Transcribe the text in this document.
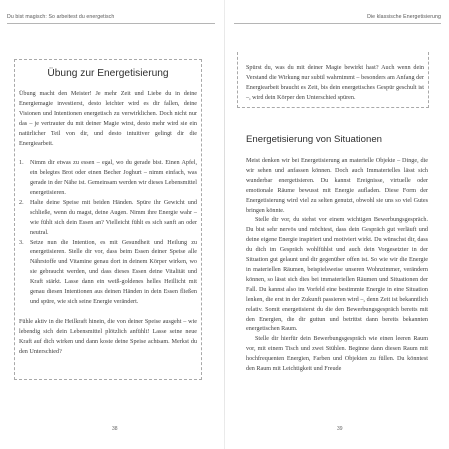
Du bist magisch: So arbeitest du energetisch
Übung zur Energetisierung

Übung macht den Meister! Je mehr Zeit und Liebe du in deine Energiemagie investierst, desto leichter wird es dir fallen, deine Visionen und Intentionen energetisch zu verwirklichen. Doch nicht nur das – je vertrauter du mit deiner Magie wirst, desto mehr wird sie ein natürlicher Teil von dir, und desto intuitiver gelingt dir die Energiearbeit.

1. Nimm dir etwas zu essen – egal, wo du gerade bist. Einen Apfel, ein belegtes Brot oder einen Becher Joghurt – nimm einfach, was gerade in der Nähe ist. Gemeinsam werden wir dieses Lebensmittel energetisieren.
2. Halte deine Speise mit beiden Händen. Spüre ihr Gewicht und schließe, wenn du magst, deine Augen. Nimm ihre Energie wahr – wie fühlt sich dein Essen an? Vielleicht fühlt es sich sanft an oder neutral.
3. Setze nun die Intention, es mit Gesundheit und Heilung zu energetisieren. Stelle dir vor, dass beim Essen deiner Speise alle Nährstoffe und Vitamine genau dort in deinem Körper wirken, wo sie gebraucht werden, und dass dieses Essen deine Vitalität und Kraft stärkt. Lasse dann ein weiß-goldenes helles Heillicht mit genau diesen Intentionen aus deinen Händen in dein Essen fließen und spüre, wie sich seine Energie verändert.

Fühle aktiv in die Heilkraft hinein, die von deiner Speise ausgeht – wie lebendig sich dein Lebensmittel plötzlich anfühlt! Lasse seine neue Kraft auf dich wirken und dann koste deine Speise achtsam. Merkst du den Unterschied?

38
Die klassische Energetisierung
Spürst du, was du mit deiner Magie bewirkt hast? Auch wenn dein Verstand die Wirkung nur subtil wahrnimmt – besonders am Anfang der Energiearbeit braucht es Zeit, bis dein energetisches Gespür geschult ist –, wird dein Körper den Unterschied spüren.
Energetisierung von Situationen

Meist denken wir bei Energetisierung an materielle Objekte – Dinge, die wir sehen und anfassen können. Doch auch Immaterielles lässt sich wunderbar energetisieren. Du kannst Ereignisse, virtuelle oder emotionale Räume bewusst mit Energie aufladen. Diese Form der Energetisierung wird viel zu selten genutzt, obwohl sie uns so viel Gutes bringen könnte.

Stelle dir vor, du stehst vor einem wichtigen Bewerbungsgespräch. Du bist sehr nervös und möchtest, dass dein Gespräch gut verläuft und deine eigene Energie inspiriert und motiviert wirkt. Du wünschst dir, dass du dich im Gespräch wohlfühlst und auch dein Vorgesetzter in der Situation gut gelaunt und dir gegenüber offen ist. So wie wir die Energie in materiellen Räumen, beispielsweise unseren Wohnzimmer, verändern können, so lässt sich dies bei immateriellen Räumen und Situationen der Fall. Du kannst also im Vorfeld eine bestimmte Energie in eine Situation lenken, die erst in der Zukunft passieren wird –, denn Zeit ist bekanntlich relativ. Somit energetisierst du die den Bewerbungsgespräch bereits mit den Energien, die dir guttun und betrittst dann bereits bekannten energetischen Raum.

Stelle dir hierfür dein Bewerbungsgespräch wie einen leeren Raum vor, mit einem Tisch und zwei Stühlen. Beginne dann diesen Raum mit hochfrequenten Energien, Farben und Objekten zu füllen. Du könntest den Raum mit Leichtigkeit und Freude

39
